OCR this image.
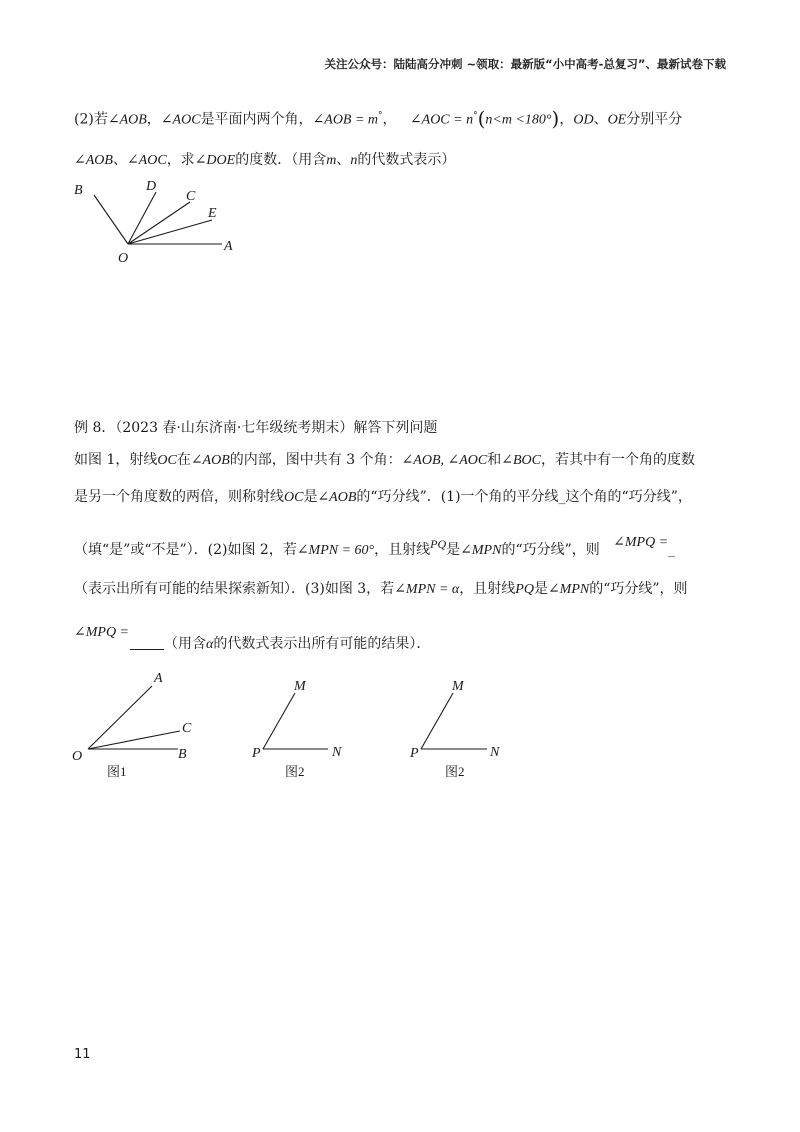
关注公众号：陆陆高分冲刺 ~领取：最新版“小中高考-总复习”、最新试卷下载
(2)若∠AOB，∠AOC是平面内两个角，∠AOB = m°， ∠AOC = n°(n<m <180°)，OD、OE分别平分
∠AOB、∠AOC，求∠DOE的度数．（用含m、n的代数式表示）
B	D
C
E
A
O
例 8．（2023 春·山东济南·七年级统考期末）解答下列问题
如图 1，射线OC在∠AOB的内部，图中共有 3 个角：∠AOB, ∠AOC和∠BOC，若其中有一个角的度数
是另一个角度数的两倍，则称射线OC是∠AOB的“巧分线”．(1)一个角的平分线_这个角的“巧分线”，
（填“是”或“不是”）．(2)如图 2，若∠MPN = 60°，且射线PQ是∠MPN的“巧分线”，则 ∠MPQ =_
（表示出所有可能的结果探索新知）．(3)如图 3，若∠MPN = α，且射线PQ是∠MPN的“巧分线”，则
∠MPQ =
（用含α的代数式表示出所有可能的结果）．
A
C
O	B
图1
M
P	N
图2
M
P	N
图2
11
